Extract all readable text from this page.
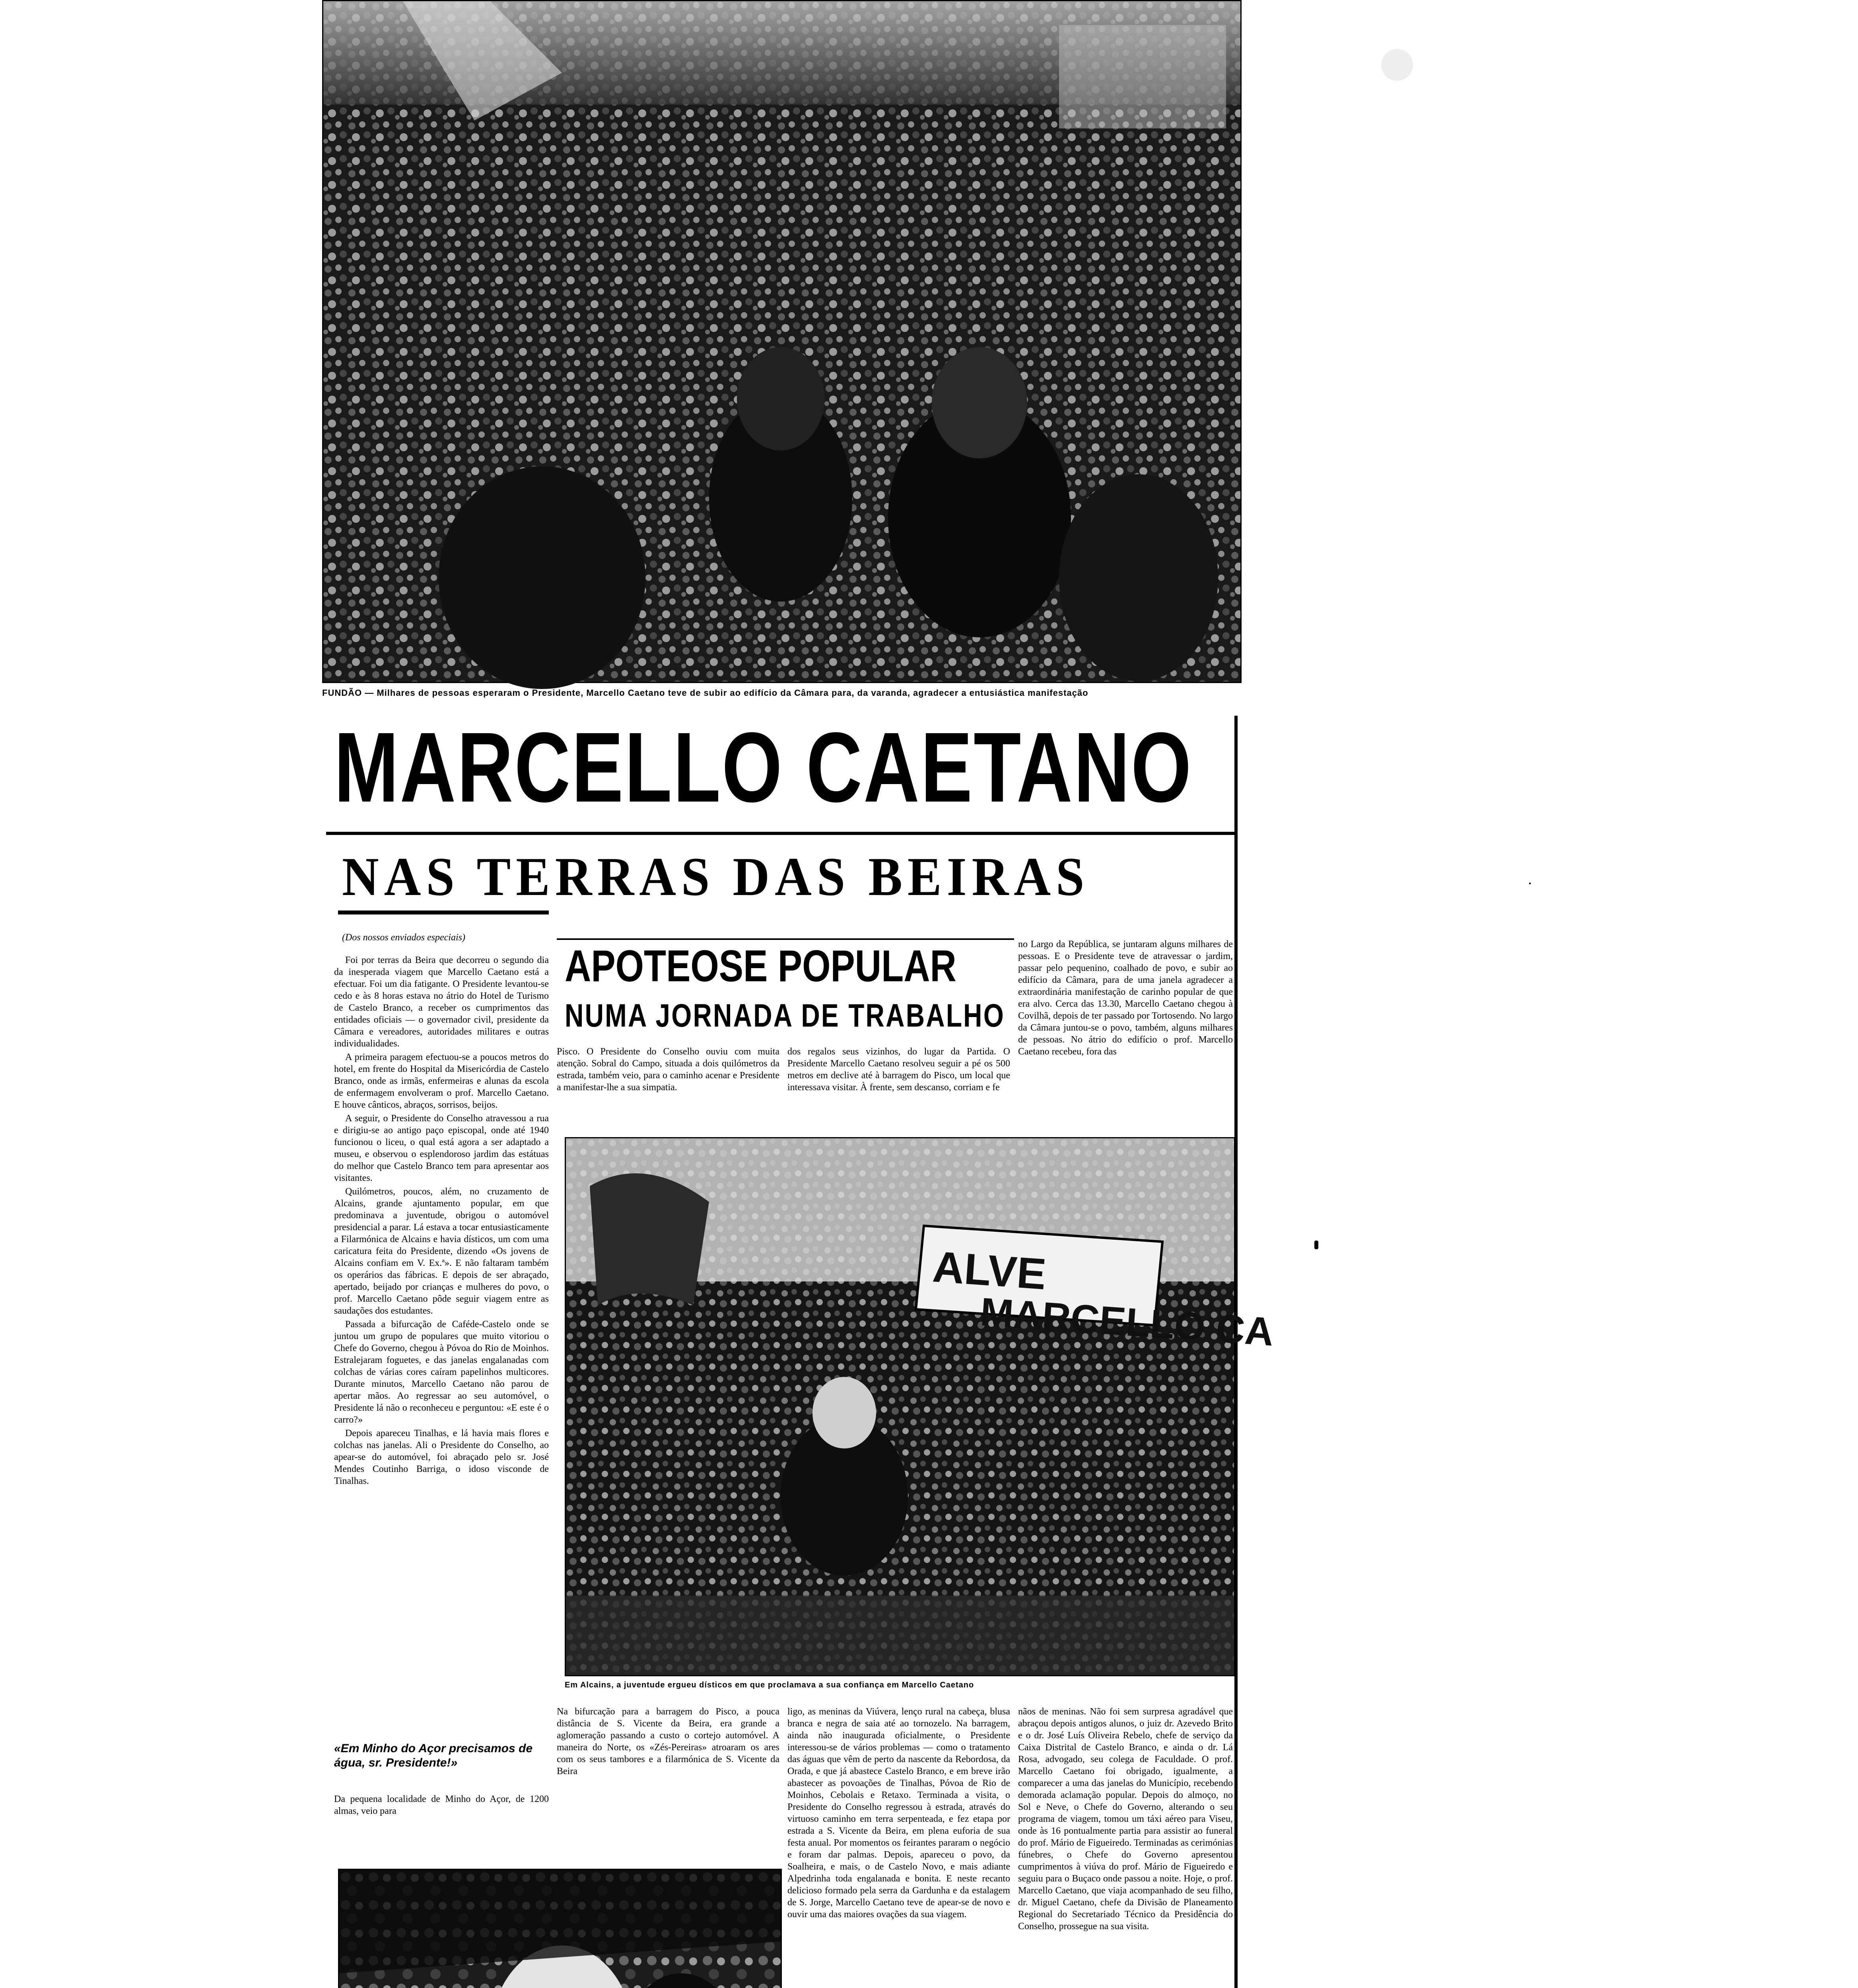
FUNDÃO — Milhares de pessoas esperaram o Presidente, Marcello Caetano teve de subir ao edifício da Câmara para, da varanda, agradecer a entusiástica manifestação
MARCELLO CAETANO
NAS TERRAS DAS BEIRAS
(Dos nossos enviados especiais)

Foi por terras da Beira que decorreu o segundo dia da inesperada viagem que Marcello Caetano está a efectuar. Foi um dia fatigante. O Presidente levantou-se cedo e às 8 horas estava no átrio do Hotel de Turismo de Castelo Branco, a receber os cumprimentos das entidades oficiais — o governador civil, presidente da Câmara e vereadores, autoridades militares e outras individualidades.

A primeira paragem efectuou-se a poucos metros do hotel, em frente do Hospital da Misericórdia de Castelo Branco, onde as irmãs, enfermeiras e alunas da escola de enfermagem envolveram o prof. Marcello Caetano. E houve cânticos, abraços, sorrisos, beijos.

A seguir, o Presidente do Conselho atravessou a rua e dirigiu-se ao antigo paço episcopal, onde até 1940 funcionou o liceu, o qual está agora a ser adaptado a museu, e observou o esplendoroso jardim das estátuas do melhor que Castelo Branco tem para apresentar aos visitantes.

Quilómetros, poucos, além, no cruzamento de Alcains, grande ajuntamento popular, em que predominava a juventude, obrigou o automóvel presidencial a parar. Lá estava a tocar entusiasticamente a Filarmónica de Alcains e havia dísticos, um com uma caricatura feita do Presidente, dizendo «Os jovens de Alcains confiam em V. Ex.ª». E não faltaram também os operários das fábricas. E depois de ser abraçado, apertado, beijado por crianças e mulheres do povo, o prof. Marcello Caetano pôde seguir viagem entre as saudações dos estudantes.

Passada a bifurcação de Caféde-Castelo onde se juntou um grupo de populares que muito vitoriou o Chefe do Governo, chegou à Póvoa do Rio de Moinhos. Estralejaram foguetes, e das janelas engalanadas com colchas de várias cores caíram papelinhos multicores. Durante minutos, Marcello Caetano não parou de apertar mãos. Ao regressar ao seu automóvel, o Presidente lá não o reconheceu e perguntou: «E este é o carro?»

Depois apareceu Tinalhas, e lá havia mais flores e colchas nas janelas. Ali o Presidente do Conselho, ao apear-se do automóvel, foi abraçado pelo sr. José Mendes Coutinho Barriga, o idoso visconde de Tinalhas.

«Em Minho do Açor precisamos de água, sr. Presidente!»
Da pequena localidade de Minho do Açor, de 1200 almas, veio para
APOTEOSE POPULAR
NUMA JORNADA DE TRABALHO
Pisco. O Presidente do Conselho ouviu com muita atenção. Sobral do Campo, situada a dois quilómetros da estrada, também veio, para o caminho acenar e Presidente a manifestar-lhe a sua simpatia.
dos regalos seus vizinhos, do lugar da Partida. O Presidente Marcello Caetano resolveu seguir a pé os 500 metros em declive até à barragem do Pisco, um local que interessava visitar. À frente, sem descanso, corriam e fe
no Largo da República, se juntaram alguns milhares de pessoas. E o Presidente teve de atravessar o jardim, passar pelo pequenino, coalhado de povo, e subir ao edifício da Câmara, para de uma janela agradecer a extraordinária manifestação de carinho popular de que era alvo. Cerca das 13.30, Marcello Caetano chegou à Covilhã, depois de ter passado por Tortosendo. No largo da Câmara juntou-se o povo, também, alguns milhares de pessoas. No átrio do edifício o prof. Marcello Caetano recebeu, fora das
ALVE
MARCELLO CA
Em Alcains, a juventude ergueu dísticos em que proclamava a sua confiança em Marcello Caetano
Na bifurcação para a barragem do Pisco, a pouca distância de S. Vicente da Beira, era grande a aglomeração passando a custo o cortejo automóvel. A maneira do Norte, os «Zés-Pereiras» atroaram os ares com os seus tambores e a filarmónica de S. Vicente da Beira
ligo, as meninas da Viúvera, lenço rural na cabeça, blusa branca e negra de saia até ao tornozelo. Na barragem, ainda não inaugurada oficialmente, o Presidente interessou-se de vários problemas — como o tratamento das águas que vêm de perto da nascente da Rebordosa, da Orada, e que já abastece Castelo Branco, e em breve irão abastecer as povoações de Tinalhas, Póvoa de Rio de Moinhos, Cebolais e Retaxo. Terminada a visita, o Presidente do Conselho regressou à estrada, através do virtuoso caminho em terra serpenteada, e fez etapa por estrada a S. Vicente da Beira, em plena euforia de sua festa anual. Por momentos os feirantes pararam o negócio e foram dar palmas. Depois, apareceu o povo, da Soalheira, e mais, o de Castelo Novo, e mais adiante Alpedrinha toda engalanada e bonita. E neste recanto delicioso formado pela serra da Gardunha e da estalagem de S. Jorge, Marcello Caetano teve de apear-se de novo e ouvir uma das maiores ovações da sua viagem.
nãos de meninas. Não foi sem surpresa agradável que abraçou depois antigos alunos, o juiz dr. Azevedo Brito e o dr. José Luís Oliveira Rebelo, chefe de serviço da Caixa Distrital de Castelo Branco, e ainda o dr. Lá Rosa, advogado, seu colega de Faculdade. O prof. Marcello Caetano foi obrigado, igualmente, a comparecer a uma das janelas do Município, recebendo demorada aclamação popular. Depois do almoço, no Sol e Neve, o Chefe do Governo, alterando o seu programa de viagem, tomou um táxi aéreo para Viseu, onde às 16 pontualmente partia para assistir ao funeral do prof. Mário de Figueiredo. Terminadas as cerimónias fúnebres, o Chefe do Governo apresentou cumprimentos à viúva do prof. Mário de Figueiredo e seguiu para o Buçaco onde passou a noite. Hoje, o prof. Marcello Caetano, que viaja acompanhado de seu filho, dr. Miguel Caetano, chefe da Divisão de Planeamento Regional do Secretariado Técnico da Presidência do Conselho, prossegue na sua visita.
